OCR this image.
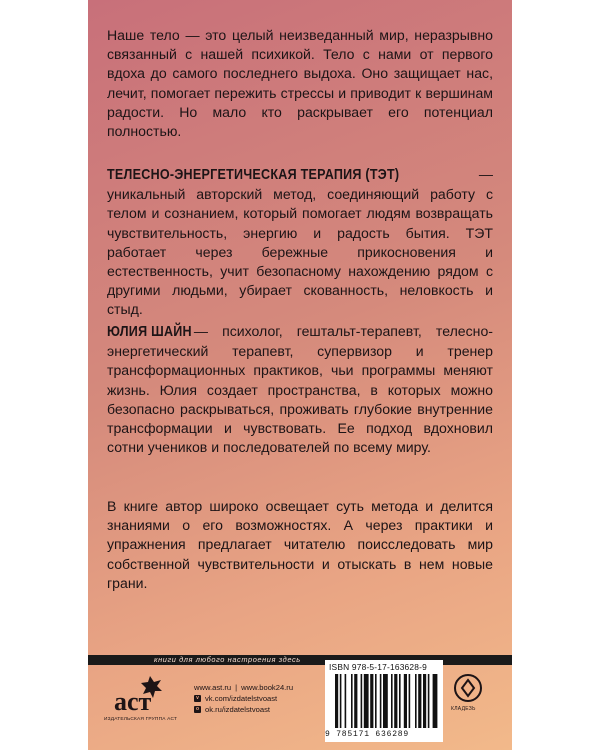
Наше тело — это целый неизведанный мир, неразрывно связанный с нашей психикой. Тело с нами от первого вдоха до самого последнего выдоха. Оно защищает нас, лечит, помогает пережить стрессы и приводит к вершинам радости. Но мало кто раскрывает его потенциал полностью.

ТЕЛЕСНО-ЭНЕРГЕТИЧЕСКАЯ ТЕРАПИЯ (ТЭТ) — уникальный авторский метод, соединяющий работу с телом и сознанием, который помогает людям возвращать чувствительность, энергию и радость бытия. ТЭТ работает через бережные прикосновения и естественность, учит безопасному нахождению рядом с другими людьми, убирает скованность, неловкость и стыд.

ЮЛИЯ ШАЙН — психолог, гештальт-терапевт, телесно-энергетический терапевт, супервизор и тренер трансформационных практиков, чьи программы меняют жизнь. Юлия создает пространства, в которых можно безопасно раскрываться, проживать глубокие внутренние трансформации и чувствовать. Ее подход вдохновил сотни учеников и последователей по всему миру.

В книге автор широко освещает суть метода и делится знаниями о его возможностях. А через практики и упражнения предлагает читателю поисследовать мир собственной чувствительности и отыскать в нем новые грани.

книги для любого настроения здесь
аст
ИЗДАТЕЛЬСКАЯ ГРУППА АСТ
www.ast.ru | www.book24.ru
v vk.com/izdatelstvoast
o ok.ru/izdatelstvoast
ISBN 978-5-17-163628-9
9 785171 636289
КЛАДЕЗЬ
